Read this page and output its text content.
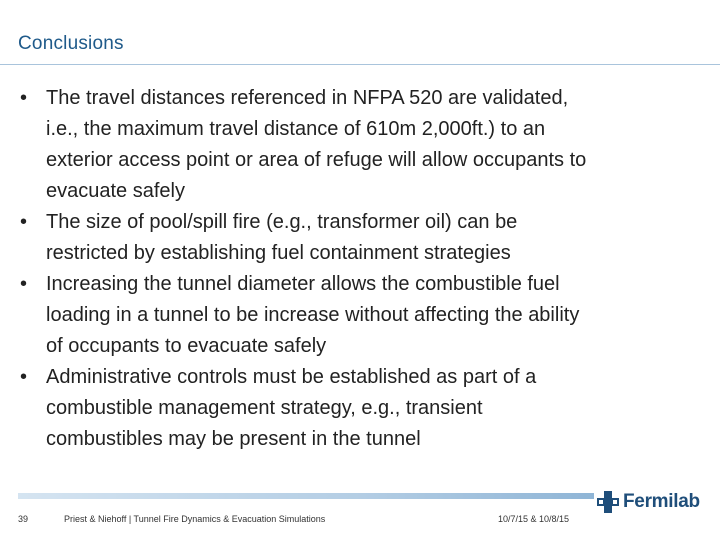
Conclusions
• The travel distances referenced in NFPA 520 are validated,
i.e., the maximum travel distance of 610m 2,000ft.) to an
exterior access point or area of refuge will allow occupants to
evacuate safely
• The size of pool/spill fire (e.g., transformer oil) can be
restricted by establishing fuel containment strategies
• Increasing the tunnel diameter allows the combustible fuel
loading in a tunnel to be increase without affecting the ability
of occupants to evacuate safely
• Administrative controls must be established as part of a
combustible management strategy, e.g., transient
combustibles may be present in the tunnel
39	Priest & Niehoff | Tunnel Fire Dynamics & Evacuation Simulations	10/7/15 & 10/8/15
Fermilab
